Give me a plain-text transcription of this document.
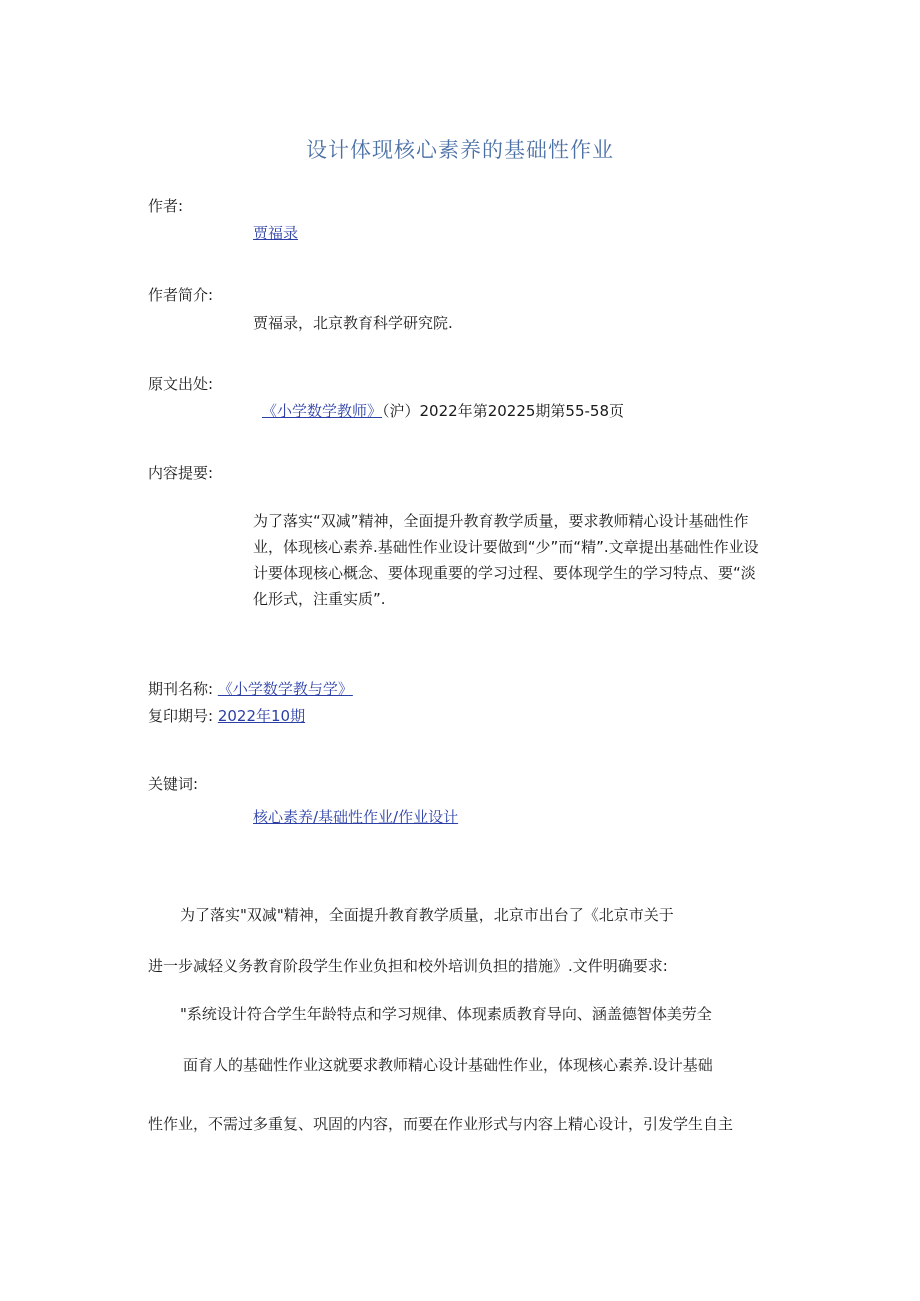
设计体现核心素养的基础性作业
作者:
贾福录
作者简介:
贾福录，北京教育科学研究院.
原文出处:
《小学数学教师》（沪）2022年第20225期第55-58页
内容提要:
为了落实“双减”精神，全面提升教育教学质量，要求教师精心设计基础性作业，体现核心素养.基础性作业设计要做到“少”而“精”.文章提出基础性作业设计要体现核心概念、要体现重要的学习过程、要体现学生的学习特点、要“淡化形式，注重实质”.
期刊名称: 《小学数学教与学》
复印期号: 2022年10期
关键词:
核心素养/基础性作业/作业设计
为了落实"双减"精神，全面提升教育教学质量，北京市出台了《北京市关于
进一步减轻义务教育阶段学生作业负担和校外培训负担的措施》.文件明确要求:
"系统设计符合学生年龄特点和学习规律、体现素质教育导向、涵盖德智体美劳全
面育人的基础性作业这就要求教师精心设计基础性作业，体现核心素养.设计基础
性作业，不需过多重复、巩固的内容，而要在作业形式与内容上精心设计，引发学生自主
